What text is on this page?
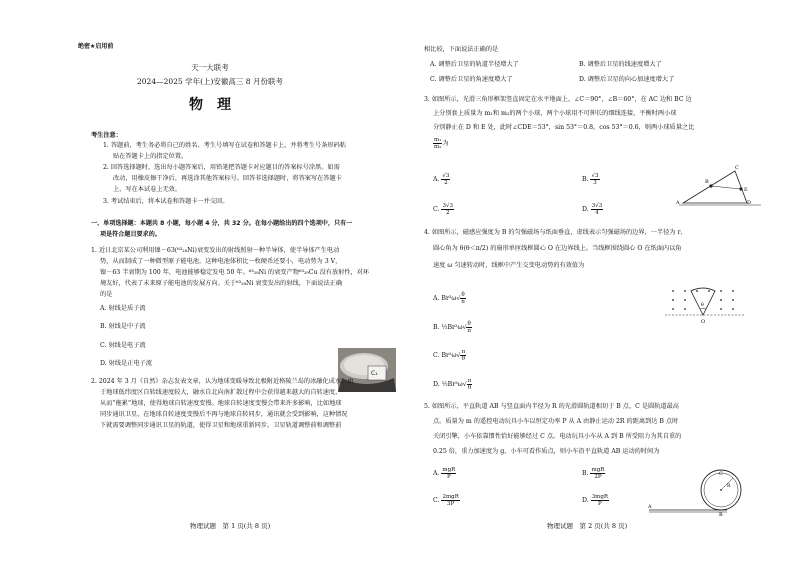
绝密★启用前
天一大联考
2024—2025 学年(上)安徽高三 8 月份联考
物　理
考生注意：
1. 答题前，考生务必将自己的姓名、考生号填写在试卷和答题卡上，并将考生号条形码粘
贴在答题卡上的指定位置。
2. 回答选择题时，选出每小题答案后，用铅笔把答题卡对应题目的答案标号涂黑。如需
改动，用橡皮擦干净后，再选涂其他答案标号。回答非选择题时，将答案写在答题卡
上，写在本试卷上无效。
3. 考试结束后，将本试卷和答题卡一并交回。
一、单项选择题：本题共 8 小题，每小题 4 分，共 32 分。在每小题给出的四个选项中，只有一
项是符合题目要求的。
1. 近日北京某公司利用镍－63(⁶³₂₈Ni)衰变发出的射线照射一种半导体，使半导体产生电动
势，从而制成了一种微型原子能电池，这种电池体积比一枚硬币还要小，电动势为 3 V，
镍－63 半衰期为 100 年，电池能够稳定发电 50 年。⁶³₂₈Ni 的衰变产物⁶³₂₉Cu 没有放射性，对环
境友好，代表了未来原子能电池的发展方向。关于⁶³₂₈Ni 衰变发出的射线，下面说法正确
的是
A. 射线是质子流
B. 射线是中子流
C. 射线是电子流
D. 射线是正电子流
C₁
2. 2024 年 3 月《自然》杂志发表文章，认为地球变暖导致北极附近格陵兰岛的冰融化成水，由
于地球低纬度区自转线速度较大，融水自北向南扩散过程中会获得越来越大的自转速度，
从而“拖累”地球，使得地球自转速度变慢。地球自转速度变慢会带来许多影响，比如地球
同步通讯卫星，在地球自转速度变慢后不再与地球自转同步，通讯就会受到影响，这种情况
下就需要调整同步通讯卫星的轨道，使得卫星和地球重新同步。卫星轨道调整前和调整前
物理试题　第 1 页(共 8 页)
相比较，下面说法正确的是
A. 调整后卫星的轨道半径增大了	B. 调整后卫星的线速度增大了
C. 调整后卫星的角速度增大了	D. 调整后卫星的向心加速度增大了
3. 如图所示，光滑三角形框架竖直固定在水平地面上，∠C＝90°，∠B＝60°，在 AC 边和 BC 边
上分别套上质量为 m₁和 m₂的两个小球，两个小球用不可伸长的细线连接，平衡时两小球
分别静止在 D 和 E 处，此时∠CDE＝53°，sin 53°＝0.8，cos 53°＝0.6，则两小球质量之比
$\frac{\text{m₁}}{\text{m₂}}$ 为
A. $\frac{√3}{2}$	B. $\frac{√3}{3}$
C. $\frac{3√3}{2}$	D. $\frac{3√3}{4}$	A
B
C
D
E
4. 如图所示，磁感应强度为 B 的匀强磁场与纸面垂直，虚线表示匀强磁场的边界，一半径为 r、
圆心角为 θ(θ＜π/2) 的扇形单匝线框圆心 O 在边界线上。当线框围绕圆心 O 在纸面内以角
速度 ω 匀速转动时，线框中产生交变电动势的有效值为
A. $Br^2\omega√ \frac{\theta}{\pi}$
B. ½Br²ω√ $\frac{\theta}{\pi}$
C. $Br^2\omega√ \frac{\pi}{\theta}$
D. ½Br²ω√ $\frac{\pi}{\theta}$
θ
O
5. 如图所示，平直轨道 AB 与竖直面内半径为 R 的光滑圆轨道相切于 B 点，C 是圆轨道最高
点。质量为 m 的遥控电动玩具小车以恒定功率 P 从 A 由静止运动 2R 的距离到达 B 点时
关闭引擎，小车依靠惯性恰好能够经过 C 点。电动玩具小车从 A 到 B 所受阻力为其自重的
0.25 倍，重力加速度为 g，小车可看作质点，则小车沿平直轨道 AB 运动的时间为
A. $\frac{\text{mgR}}{P}$	B. $\frac{\text{mgR}}{2P}$
C. $\frac{\text{2mgR}}{3P}$	D. $\frac{\text{3mgR}}{P}$	A
B
C
R
物理试题　第 2 页(共 8 页)
